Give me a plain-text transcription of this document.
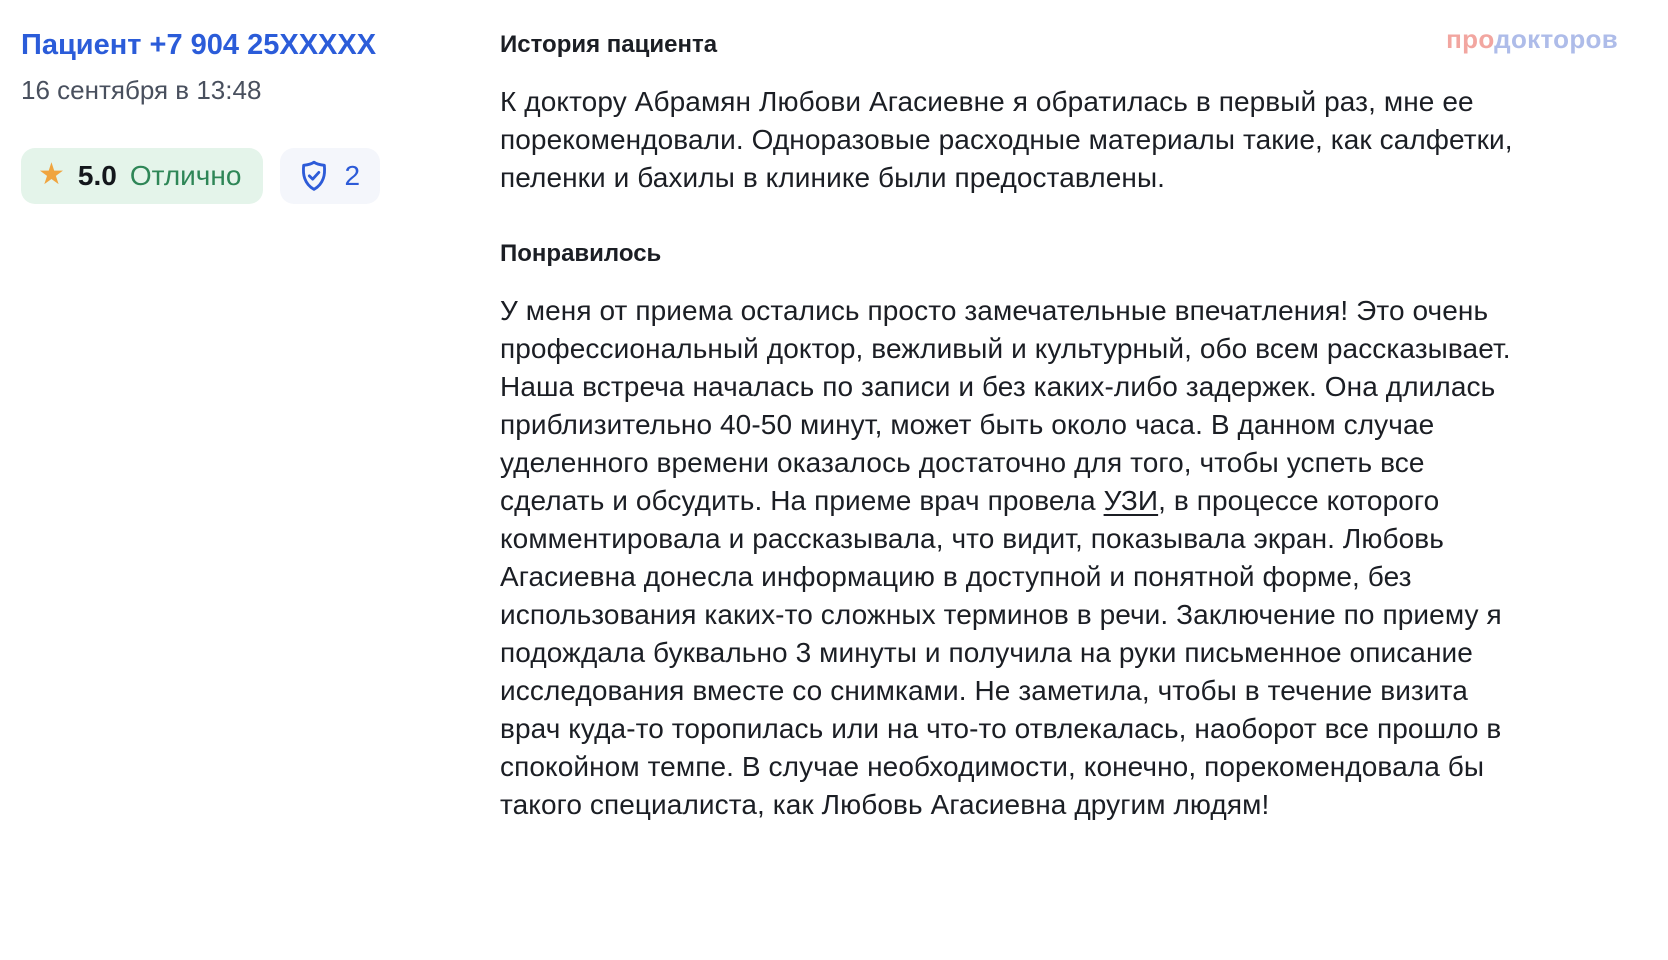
продокторов
Пациент +7 904 25XXXXX
16 сентября в 13:48
★ 5.0 Отлично	2
История пациента

К доктору Абрамян Любови Агасиевне я обратилась в первый раз, мне ее порекомендовали. Одноразовые расходные материалы такие, как салфетки, пеленки и бахилы в клинике были предоставлены.

Понравилось

У меня от приема остались просто замечательные впечатления! Это очень профессиональный доктор, вежливый и культурный, обо всем рассказывает. Наша встреча началась по записи и без каких-либо задержек. Она длилась приблизительно 40-50 минут, может быть около часа. В данном случае уделенного времени оказалось достаточно для того, чтобы успеть все сделать и обсудить. На приеме врач провела УЗИ, в процессе которого комментировала и рассказывала, что видит, показывала экран. Любовь Агасиевна донесла информацию в доступной и понятной форме, без использования каких-то сложных терминов в речи. Заключение по приему я подождала буквально 3 минуты и получила на руки письменное описание исследования вместе со снимками. Не заметила, чтобы в течение визита врач куда-то торопилась или на что-то отвлекалась, наоборот все прошло в спокойном темпе. В случае необходимости, конечно, порекомендовала бы такого специалиста, как Любовь Агасиевна другим людям!
